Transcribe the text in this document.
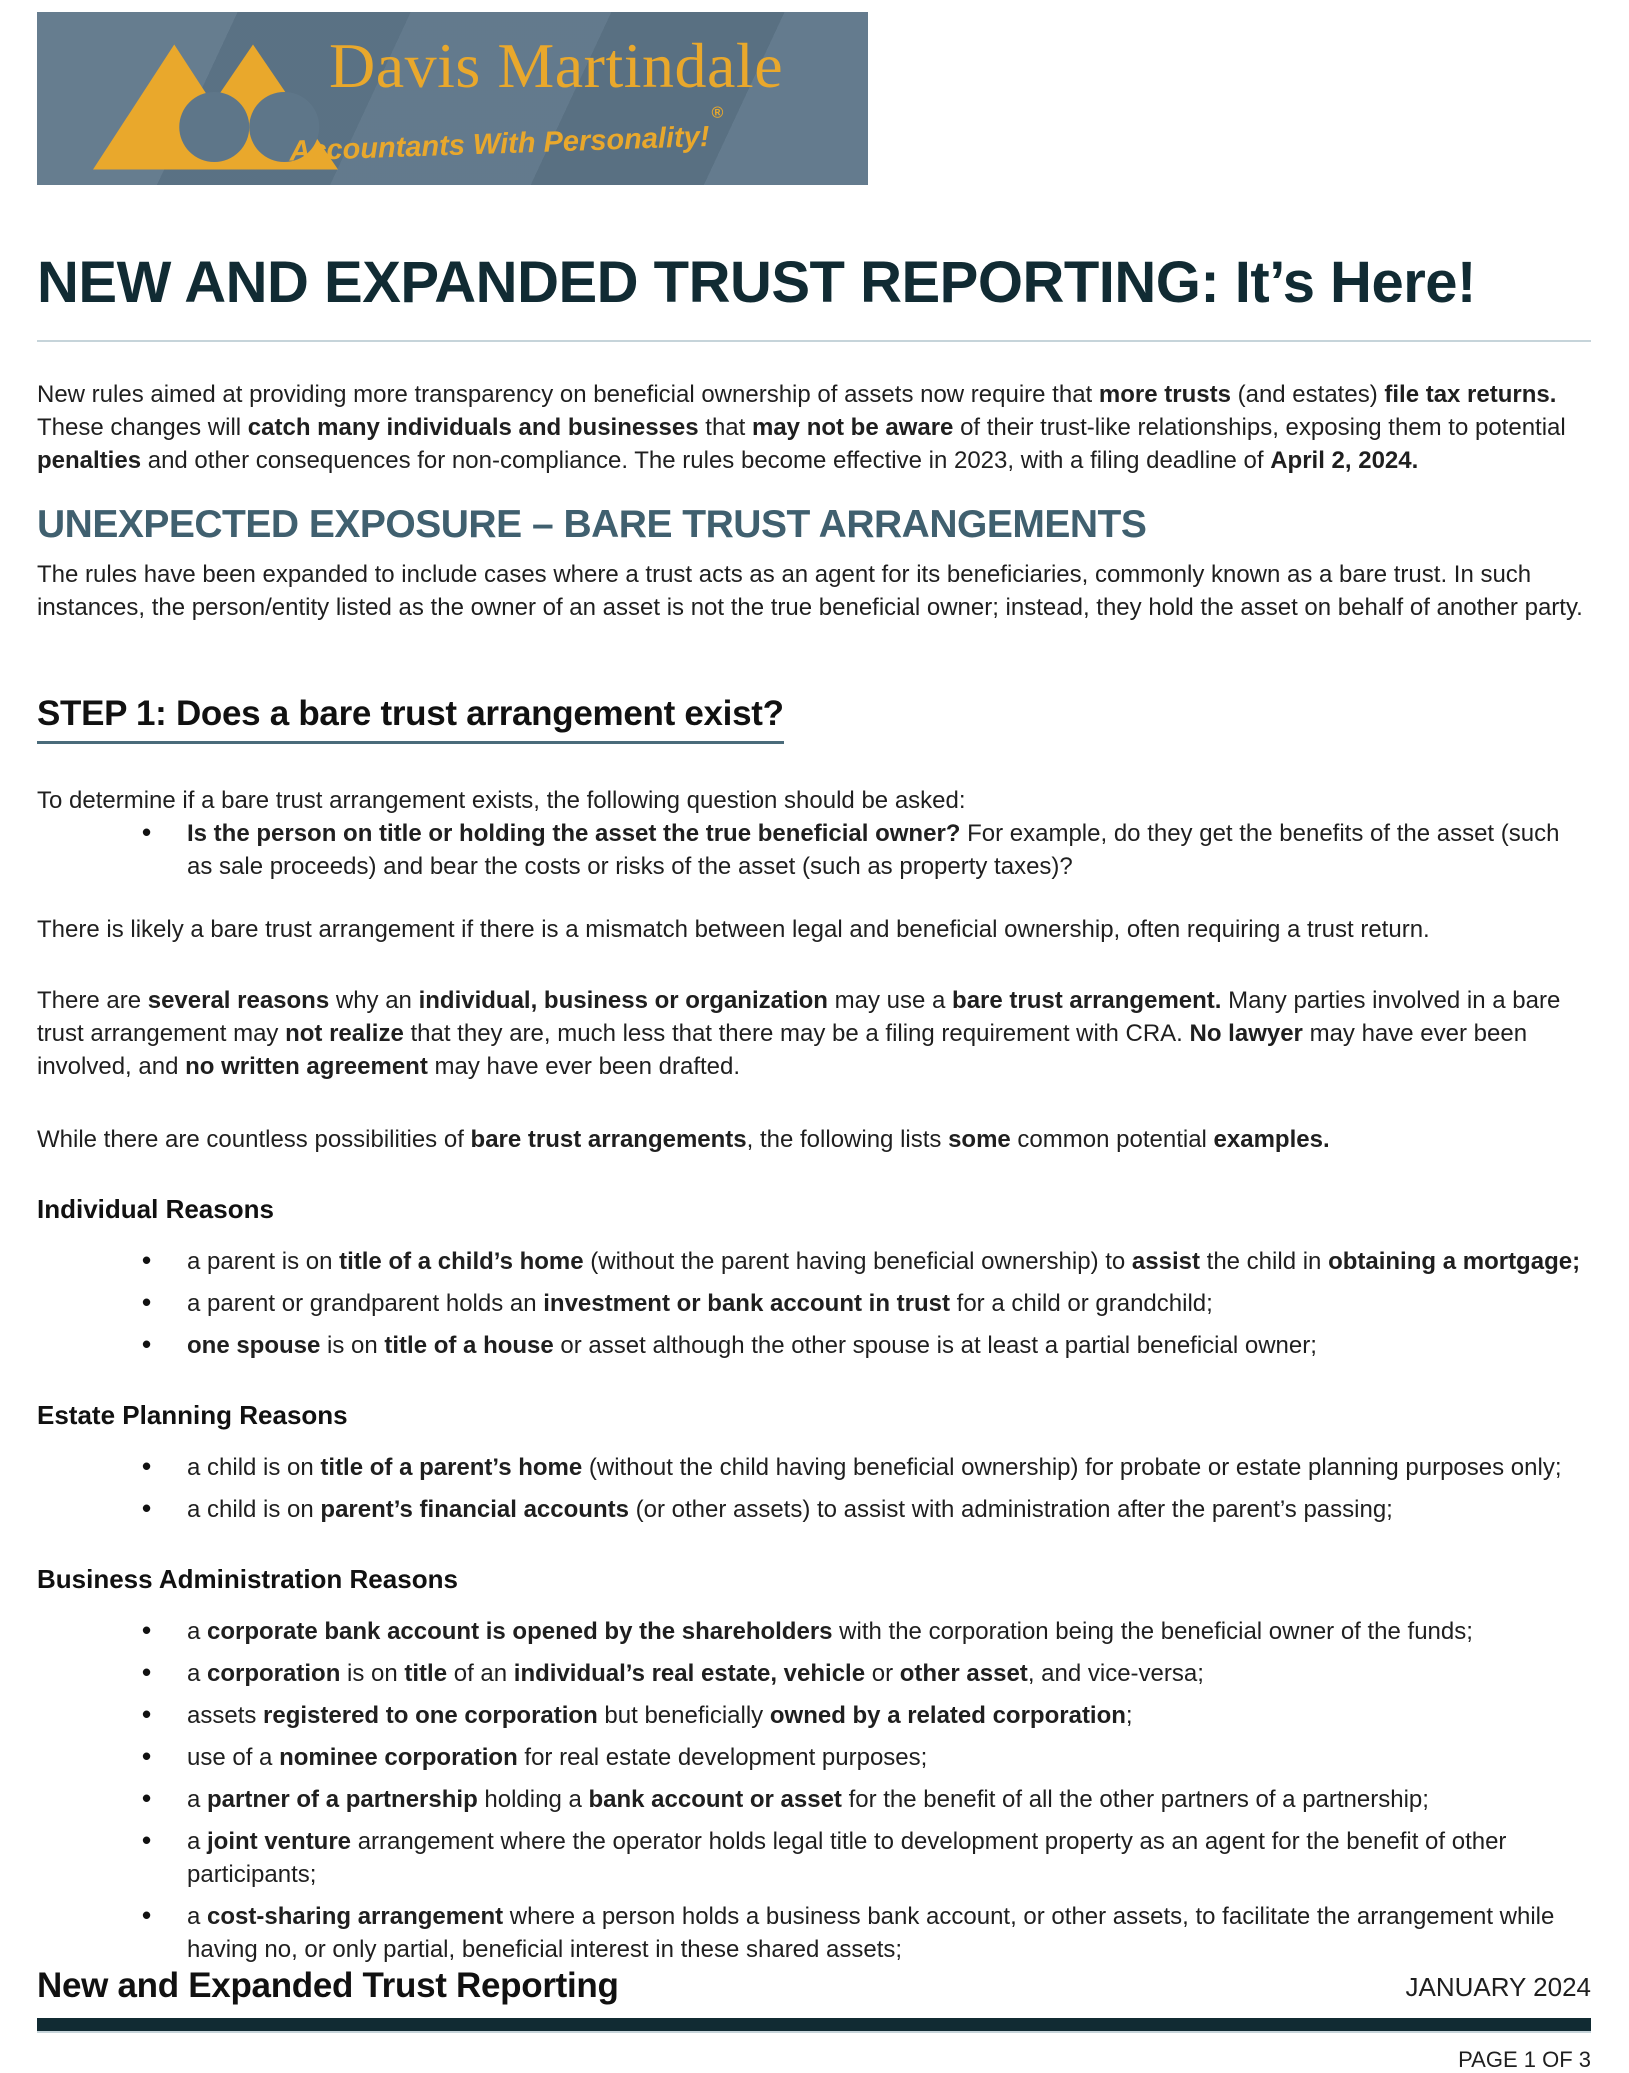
Davis Martindale
Accountants With Personality!®
NEW AND EXPANDED TRUST REPORTING: It’s Here!

New rules aimed at providing more transparency on beneficial ownership of assets now require that more trusts (and estates) file tax returns. These changes will catch many individuals and businesses that may not be aware of their trust-like relationships, exposing them to potential penalties and other consequences for non-compliance. The rules become effective in 2023, with a filing deadline of April 2, 2024.

UNEXPECTED EXPOSURE – BARE TRUST ARRANGEMENTS

The rules have been expanded to include cases where a trust acts as an agent for its beneficiaries, commonly known as a bare trust. In such instances, the person/entity listed as the owner of an asset is not the true beneficial owner; instead, they hold the asset on behalf of another party.

STEP 1: Does a bare trust arrangement exist?

To determine if a bare trust arrangement exists, the following question should be asked:

• Is the person on title or holding the asset the true beneficial owner? For example, do they get the benefits of the asset (such as sale proceeds) and bear the costs or risks of the asset (such as property taxes)?

There is likely a bare trust arrangement if there is a mismatch between legal and beneficial ownership, often requiring a trust return.

There are several reasons why an individual, business or organization may use a bare trust arrangement. Many parties involved in a bare trust arrangement may not realize that they are, much less that there may be a filing requirement with CRA. No lawyer may have ever been involved, and no written agreement may have ever been drafted.

While there are countless possibilities of bare trust arrangements, the following lists some common potential examples.

Individual Reasons
• a parent is on title of a child’s home (without the parent having beneficial ownership) to assist the child in obtaining a mortgage;
• a parent or grandparent holds an investment or bank account in trust for a child or grandchild;
• one spouse is on title of a house or asset although the other spouse is at least a partial beneficial owner;
Estate Planning Reasons
• a child is on title of a parent’s home (without the child having beneficial ownership) for probate or estate planning purposes only;
• a child is on parent’s financial accounts (or other assets) to assist with administration after the parent’s passing;
Business Administration Reasons
• a corporate bank account is opened by the shareholders with the corporation being the beneficial owner of the funds;
• a corporation is on title of an individual’s real estate, vehicle or other asset, and vice-versa;
• assets registered to one corporation but beneficially owned by a related corporation;
• use of a nominee corporation for real estate development purposes;
• a partner of a partnership holding a bank account or asset for the benefit of all the other partners of a partnership;
• a joint venture arrangement where the operator holds legal title to development property as an agent for the benefit of other participants;
• a cost-sharing arrangement where a person holds a business bank account, or other assets, to facilitate the arrangement while having no, or only partial, beneficial interest in these shared assets;
New and Expanded Trust Reporting	JANUARY 2024
PAGE 1 OF 3
